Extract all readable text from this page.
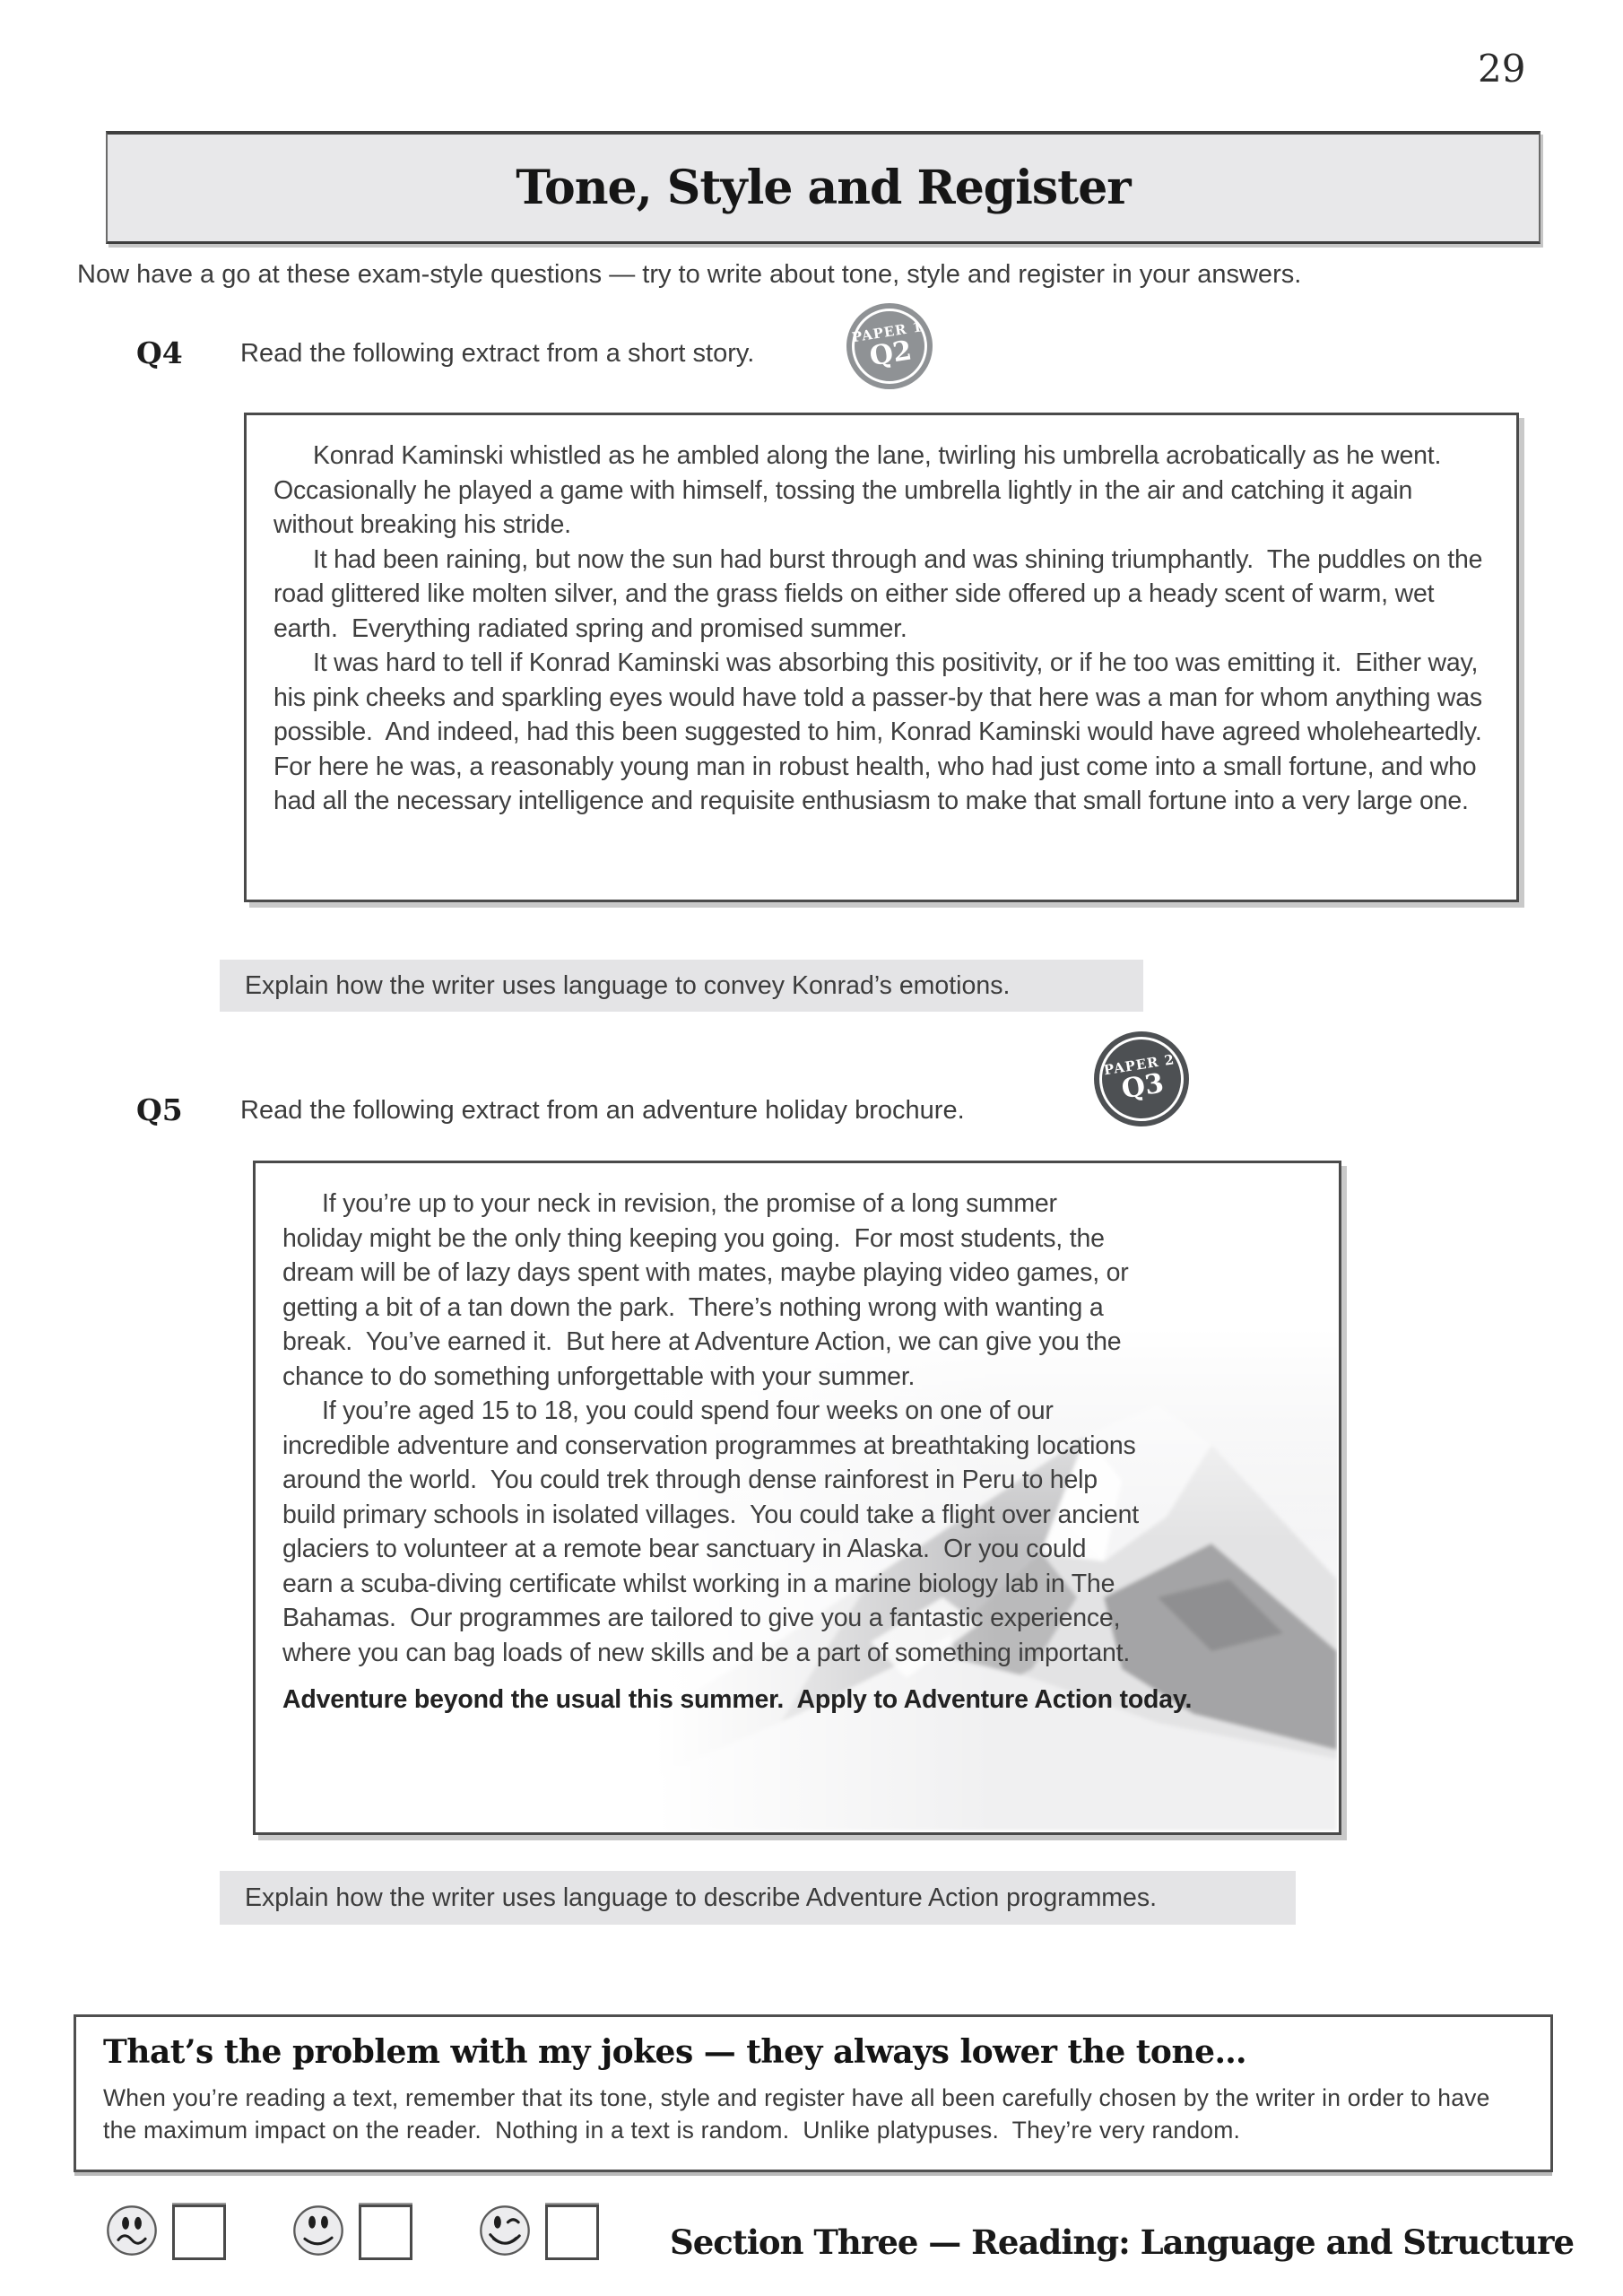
29
Tone, Style and Register
Now have a go at these exam-style questions — try to write about tone, style and register in your answers.
Q4 Read the following extract from a short story.
PAPER 1
Q2

Konrad Kaminski whistled as he ambled along the lane, twirling his umbrella acrobatically as he went.  Occasionally he played a game with himself, tossing the umbrella lightly in the air and catching it again without breaking his stride.

It had been raining, but now the sun had burst through and was shining triumphantly.  The puddles on the road glittered like molten silver, and the grass fields on either side offered up a heady scent of warm, wet earth.  Everything radiated spring and promised summer.

It was hard to tell if Konrad Kaminski was absorbing this positivity, or if he too was emitting it.  Either way, his pink cheeks and sparkling eyes would have told a passer-by that here was a man for whom anything was possible.  And indeed, had this been suggested to him, Konrad Kaminski would have agreed wholeheartedly.  For here he was, a reasonably young man in robust health, who had just come into a small fortune, and who had all the necessary intelligence and requisite enthusiasm to make that small fortune into a very large one.

Explain how the writer uses language to convey Konrad’s emotions.
Q5 Read the following extract from an adventure holiday brochure.
PAPER 2
Q3

If you’re up to your neck in revision, the promise of a long summer holiday might be the only thing keeping you going.  For most students, the dream will be of lazy days spent with mates, maybe playing video games, or getting a bit of a tan down the park.  There’s nothing wrong with wanting a break.  You’ve earned it.  But here at Adventure Action, we can give you the chance to do something unforgettable with your summer.

If you’re aged 15 to 18, you could spend four weeks on one of our incredible adventure and conservation programmes at breathtaking locations around the world.  You could trek through dense rainforest in Peru to help build primary schools in isolated villages.  You could take a flight over ancient glaciers to volunteer at a remote bear sanctuary in Alaska.  Or you could earn a scuba-diving certificate whilst working in a marine biology lab in The Bahamas.  Our programmes are tailored to give you a fantastic experience, where you can bag loads of new skills and be a part of something important.

Adventure beyond the usual this summer.  Apply to Adventure Action today.

Explain how the writer uses language to describe Adventure Action programmes.
That’s the problem with my jokes — they always lower the tone…
When you’re reading a text, remember that its tone, style and register have all been carefully chosen by the writer in order to have the maximum impact on the reader.  Nothing in a text is random.  Unlike platypuses.  They’re very random.
Section Three — Reading: Language and Structure
